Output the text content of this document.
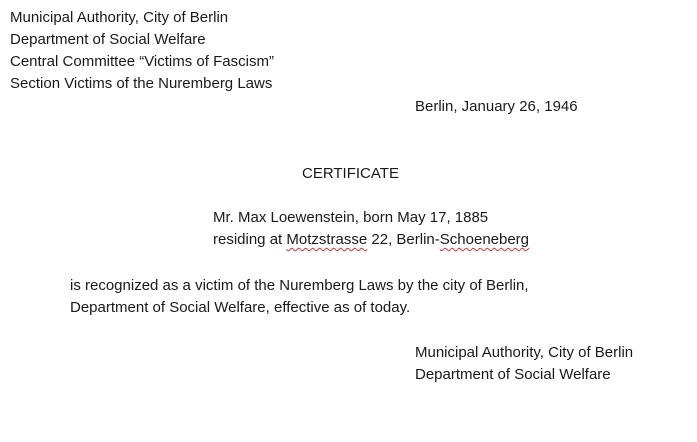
Municipal Authority, City of Berlin

Department of Social Welfare

Central Committee “Victims of Fascism”

Section Victims of the Nuremberg Laws

Berlin, January 26, 1946

CERTIFICATE

Mr. Max Loewenstein, born May 17, 1885

residing at Motzstrasse 22, Berlin-Schoeneberg

is recognized as a victim of the Nuremberg Laws by the city of Berlin,

Department of Social Welfare, effective as of today.

Municipal Authority, City of Berlin

Department of Social Welfare
